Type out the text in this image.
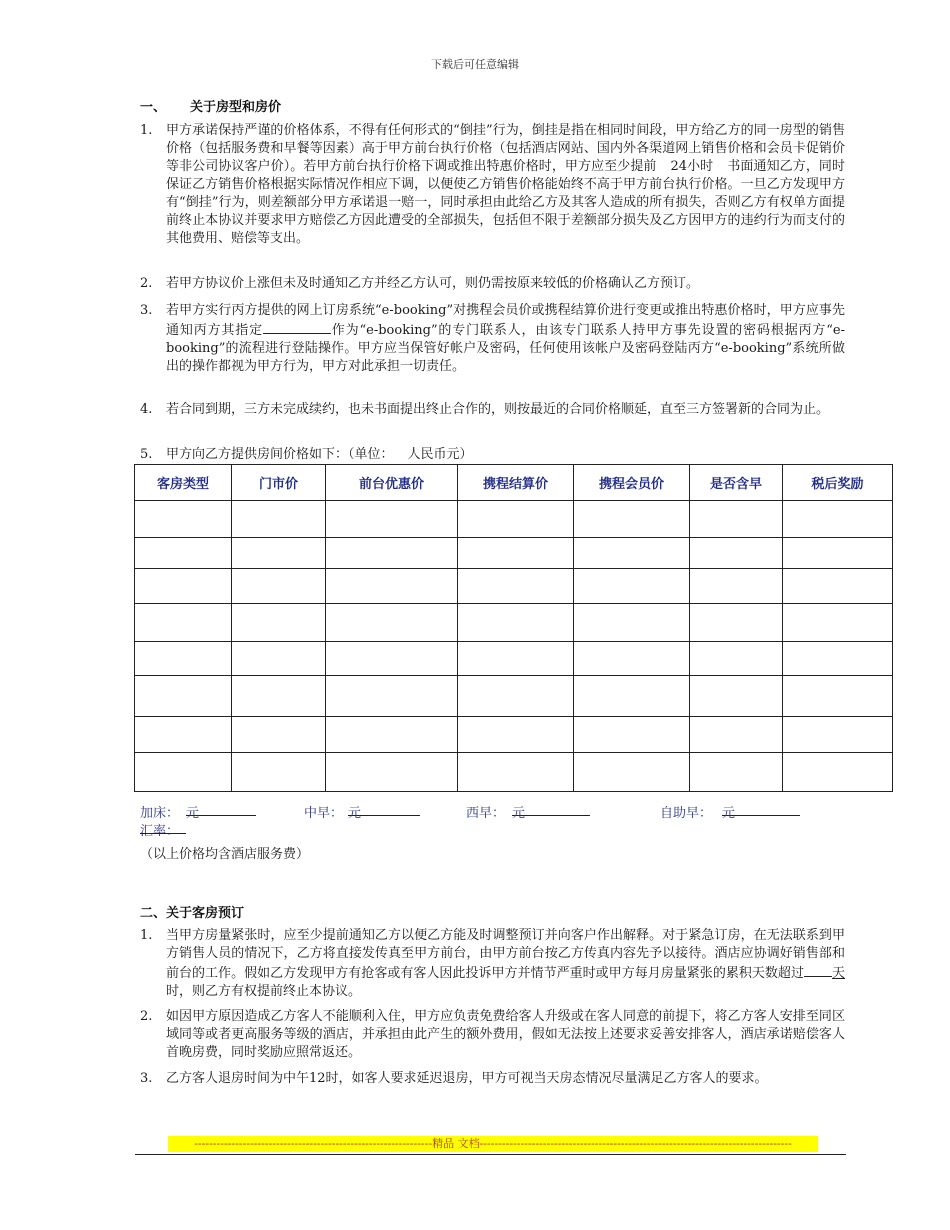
下载后可任意编辑
一、 关于房型和房价
1. 甲方承诺保持严谨的价格体系，不得有任何形式的“倒挂”行为，倒挂是指在相同时间段，甲方给乙方的同一房型的销售价格（包括服务费和早餐等因素）高于甲方前台执行价格（包括酒店网站、国内外各渠道网上销售价格和会员卡促销价等非公司协议客户价）。若甲方前台执行价格下调或推出特惠价格时，甲方应至少提前 24小时 书面通知乙方，同时保证乙方销售价格根据实际情况作相应下调，以便使乙方销售价格能始终不高于甲方前台执行价格。一旦乙方发现甲方有“倒挂”行为，则差额部分甲方承诺退一赔一，同时承担由此给乙方及其客人造成的所有损失，否则乙方有权单方面提前终止本协议并要求甲方赔偿乙方因此遭受的全部损失，包括但不限于差额部分损失及乙方因甲方的违约行为而支付的其他费用、赔偿等支出。
2. 若甲方协议价上涨但未及时通知乙方并经乙方认可，则仍需按原来较低的价格确认乙方预订。
3. 若甲方实行丙方提供的网上订房系统“e-booking”对携程会员价或携程结算价进行变更或推出特惠价格时，甲方应事先通知丙方其指定	作为“e-booking”的专门联系人，由该专门联系人持甲方事先设置的密码根据丙方“e-booking”的流程进行登陆操作。甲方应当保管好帐户及密码，任何使用该帐户及密码登陆丙方“e-booking”系统所做出的操作都视为甲方行为，甲方对此承担一切责任。
4. 若合同到期，三方未完成续约，也未书面提出终止合作的，则按最近的合同价格顺延，直至三方签署新的合同为止。
5. 甲方向乙方提供房间价格如下：（单位： 人民币元）
客房类型	门市价	前台优惠价	携程结算价	携程会员价	是否含早	税后奖励

加床： 元	中早： 元	西早： 元	自助早： 元
汇率：
（以上价格均含酒店服务费）
二、关于客房预订
1. 当甲方房量紧张时，应至少提前通知乙方以便乙方能及时调整预订并向客户作出解释。对于紧急订房，在无法联系到甲方销售人员的情况下，乙方将直接发传真至甲方前台，由甲方前台按乙方传真内容先予以接待。酒店应协调好销售部和前台的工作。假如乙方发现甲方有抢客或有客人因此投诉甲方并情节严重时或甲方每月房量紧张的累积天数超过 天时，则乙方有权提前终止本协议。
2. 如因甲方原因造成乙方客人不能顺利入住，甲方应负责免费给客人升级或在客人同意的前提下，将乙方客人安排至同区域同等或者更高服务等级的酒店，并承担由此产生的额外费用，假如无法按上述要求妥善安排客人，酒店承诺赔偿客人首晚房费，同时奖励应照常返还。
3. 乙方客人退房时间为中午12时，如客人要求延迟退房，甲方可视当天房态情况尽量满足乙方客人的要求。
----------------------------------------------------------------精品 文档------------------------------------------------------------------------------------
